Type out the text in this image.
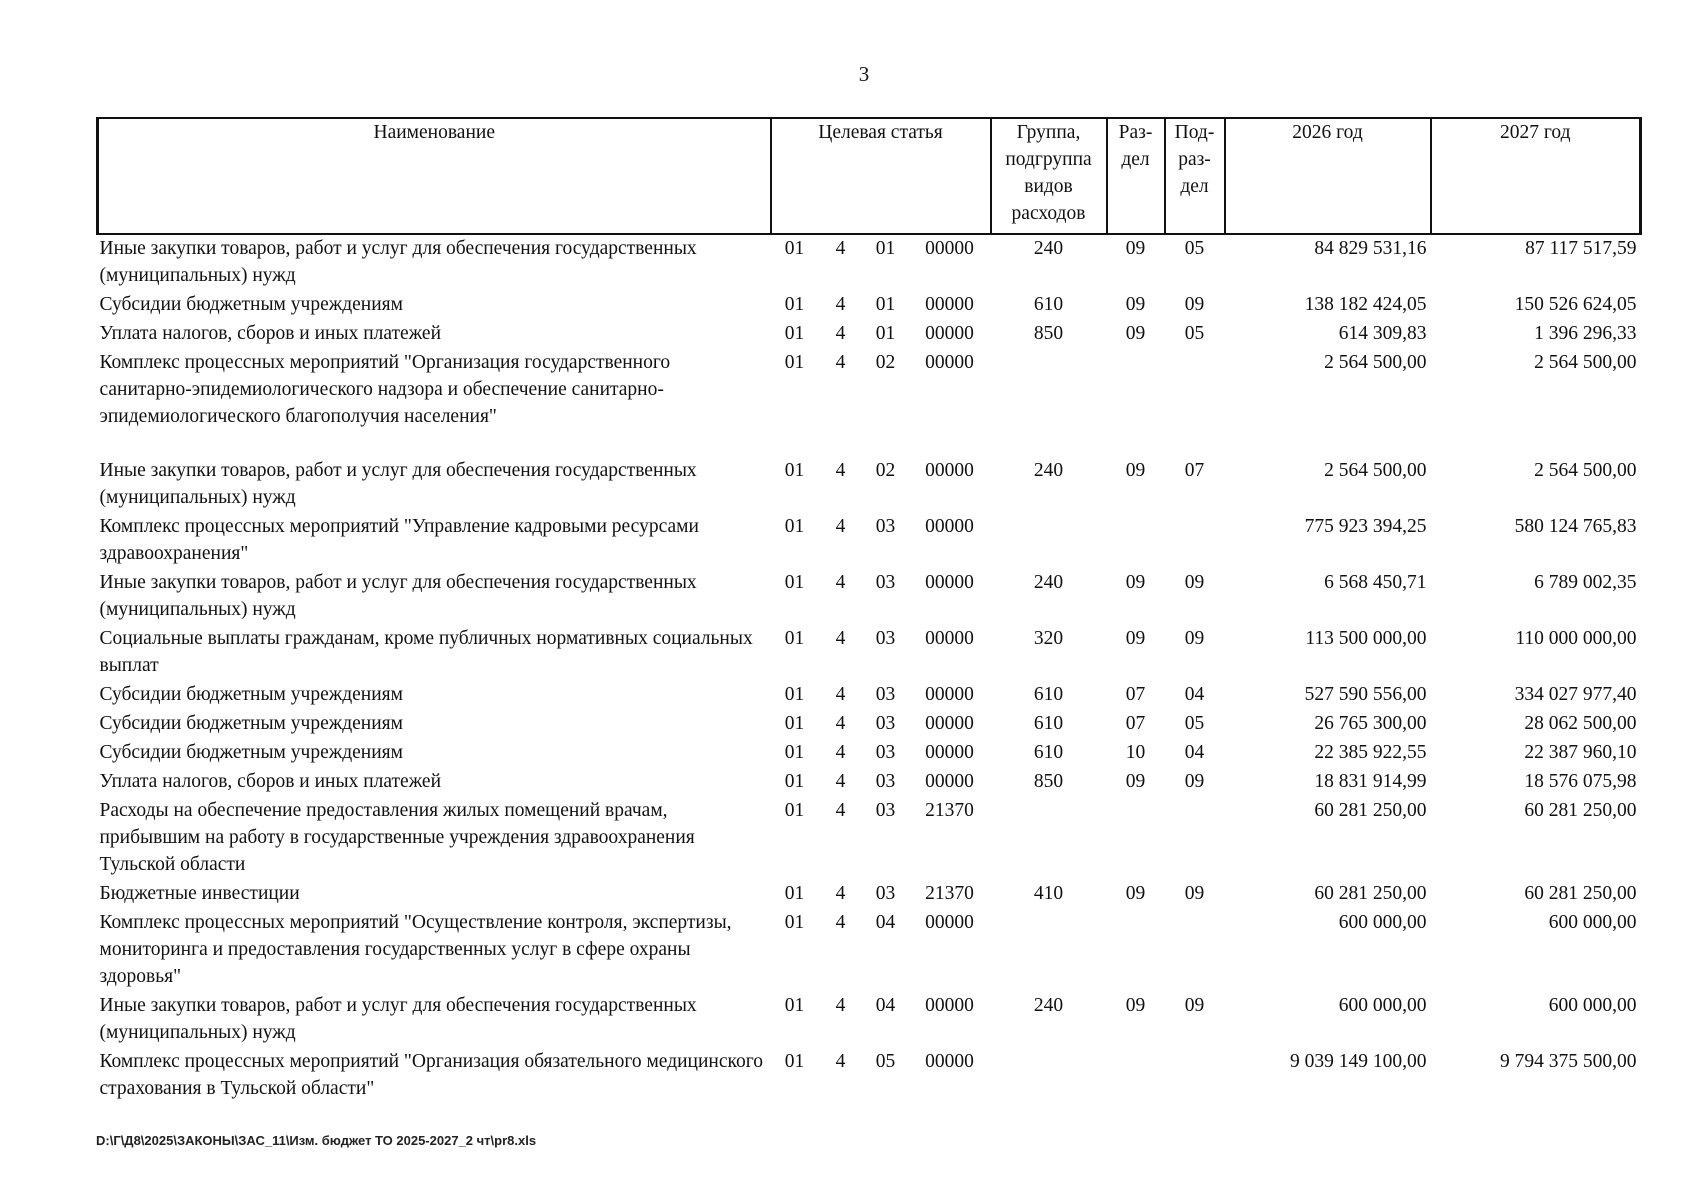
3
Наименование	Целевая статья				Группа, подгруппа видов расходов	Раз- дел	Под- раз- дел	2026 год	2027 год
Иные закупки товаров, работ и услуг для обеспечения государственных (муниципальных) нужд	01	4	01	00000	240	09	05	84 829 531,16	87 117 517,59
Субсидии бюджетным учреждениям	01	4	01	00000	610	09	09	138 182 424,05	150 526 624,05
Уплата налогов, сборов и иных платежей	01	4	01	00000	850	09	05	614 309,83	1 396 296,33
Комплекс процессных мероприятий "Организация государственного санитарно-эпидемиологического надзора и обеспечение санитарно-эпидемиологического благополучия населения"	01	4	02	00000				2 564 500,00	2 564 500,00
Иные закупки товаров, работ и услуг для обеспечения государственных (муниципальных) нужд	01	4	02	00000	240	09	07	2 564 500,00	2 564 500,00
Комплекс процессных мероприятий "Управление кадровыми ресурсами здравоохранения"	01	4	03	00000				775 923 394,25	580 124 765,83
Иные закупки товаров, работ и услуг для обеспечения государственных (муниципальных) нужд	01	4	03	00000	240	09	09	6 568 450,71	6 789 002,35
Социальные выплаты гражданам, кроме публичных нормативных социальных выплат	01	4	03	00000	320	09	09	113 500 000,00	110 000 000,00
Субсидии бюджетным учреждениям	01	4	03	00000	610	07	04	527 590 556,00	334 027 977,40
Субсидии бюджетным учреждениям	01	4	03	00000	610	07	05	26 765 300,00	28 062 500,00
Субсидии бюджетным учреждениям	01	4	03	00000	610	10	04	22 385 922,55	22 387 960,10
Уплата налогов, сборов и иных платежей	01	4	03	00000	850	09	09	18 831 914,99	18 576 075,98
Расходы на обеспечение предоставления жилых помещений врачам, прибывшим на работу в государственные учреждения здравоохранения Тульской области	01	4	03	21370				60 281 250,00	60 281 250,00
Бюджетные инвестиции	01	4	03	21370	410	09	09	60 281 250,00	60 281 250,00
Комплекс процессных мероприятий "Осуществление контроля, экспертизы, мониторинга и предоставления государственных услуг в сфере охраны здоровья"	01	4	04	00000				600 000,00	600 000,00
Иные закупки товаров, работ и услуг для обеспечения государственных (муниципальных) нужд	01	4	04	00000	240	09	09	600 000,00	600 000,00
Комплекс процессных мероприятий "Организация обязательного медицинского страхования в Тульской области"	01	4	05	00000				9 039 149 100,00	9 794 375 500,00
D:\Г\Д8\2025\ЗАКОНЫ\ЗАС_11\Изм. бюджет ТО 2025-2027_2 чт\pr8.xls
